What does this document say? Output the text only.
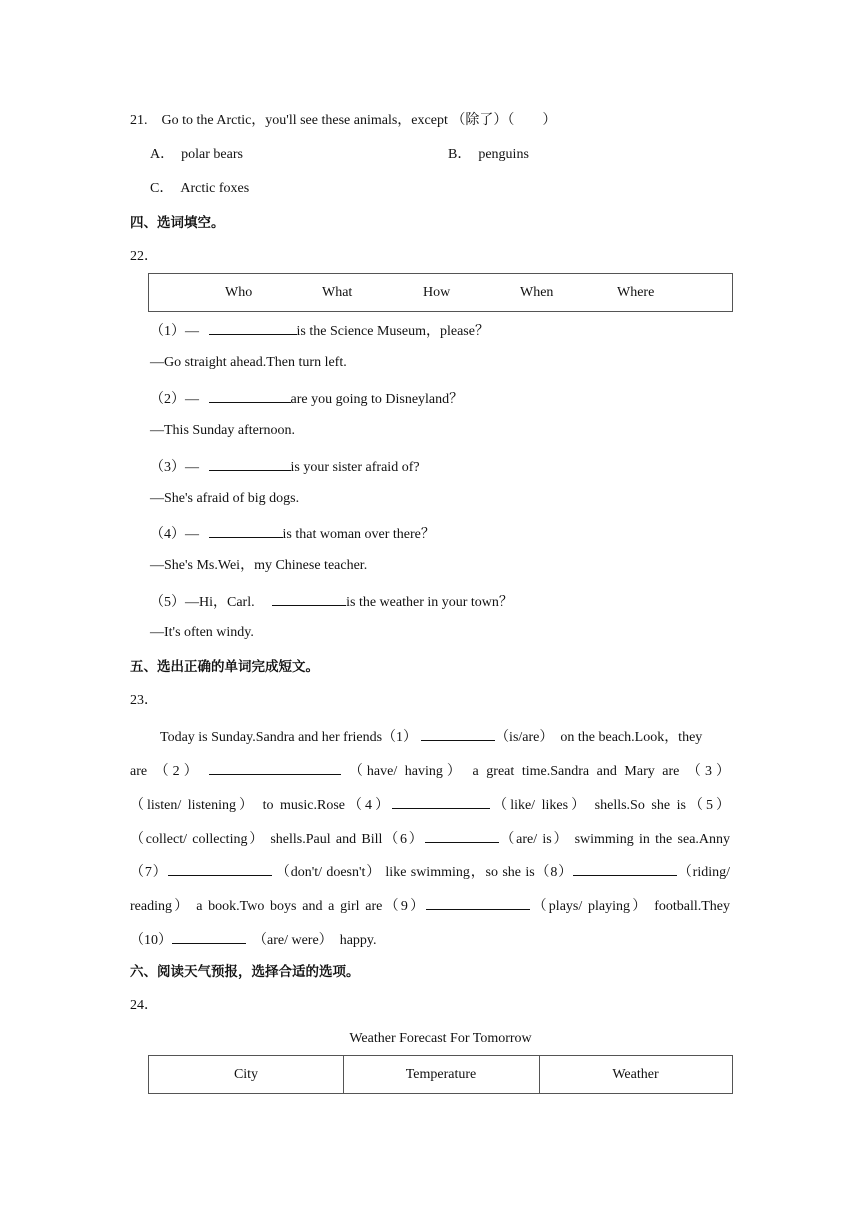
21.　Go to the Arctic，you'll see these animals，except （除了）（　　）
A． polar bears	B． penguins
C． Arctic foxes
四、选词填空。
22．
Who	What	How	When	Where
（1）—	is the Science Museum，please？
—Go straight ahead.Then turn left.
（2）—	are you going to Disneyland？
—This Sunday afternoon.
（3）—	is your sister afraid of?
—She's afraid of big dogs.
（4）—	is that woman over there？
—She's Ms.Wei，my Chinese teacher.
（5）—Hi，Carl.	is the weather in your town？
—It's often windy.
五、选出正确的单词完成短文。
23．
Today is Sunday.Sandra and her friends（1）	（is/are） on the beach.Look，they
are （2）	（have/ having） a great time.Sandra and Mary are （3）
（listen/ listening） to music.Rose（4）	（like/ likes） shells.So she is（5）
（collect/ collecting） shells.Paul and Bill（6）	（are/ is） swimming in the sea.Anny
（7）	（don't/ doesn't） like swimming，so she is（8）	（riding/
reading） a book.Two boys and a girl are（9）	（plays/ playing） football.They
（10）	（are/ were） happy.
六、阅读天气预报，选择合适的选项。
24．
Weather Forecast For Tomorrow
City	Temperature	Weather
